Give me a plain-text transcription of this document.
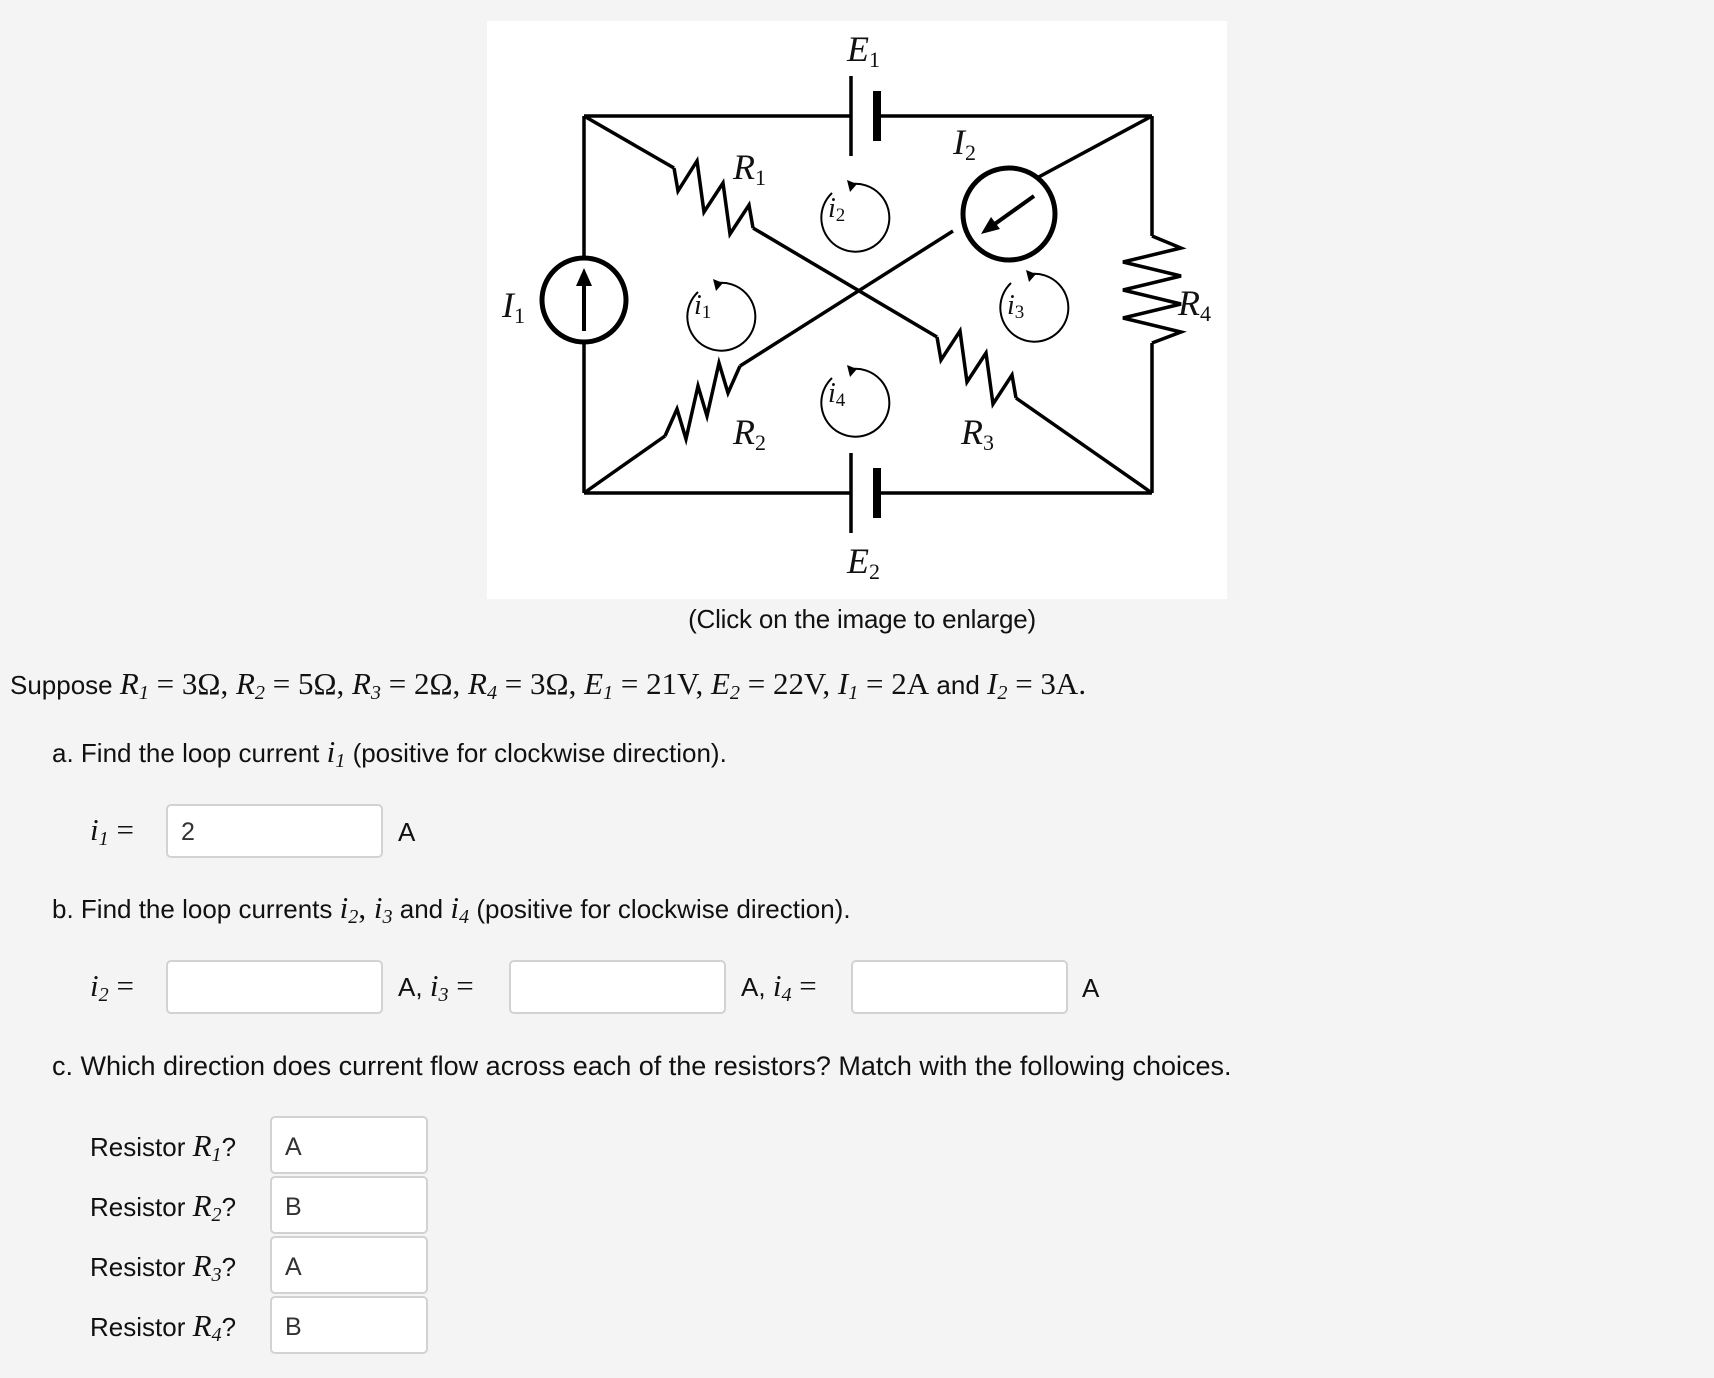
E1
E2
I1
I2
R1
R2	R3
R4
i1
i2
i3
i4
(Click on the image to enlarge)
Suppose $R_1 = 3\Omega$, $R_2 = 5\Omega$, $R_3 = 2\Omega$, $R_4 = 3\Omega$, $E_1 = 21V$, $E_2 = 22V$, $I_1 = 2A$ and $I_2 = 3A$.
a. Find the loop current $i_1$ (positive for clockwise direction).
$i_1$ =	2	A
b. Find the loop currents $i_2$, $i_3$ and $i_4$ (positive for clockwise direction).
$i_2$ =	A, $i_3$ =	A, $i_4$ =	A
c. Which direction does current flow across each of the resistors? Match with the following choices.
Resistor $R_1$?	A
Resistor $R_2$?	B
Resistor $R_3$?	A
Resistor $R_4$?	B
